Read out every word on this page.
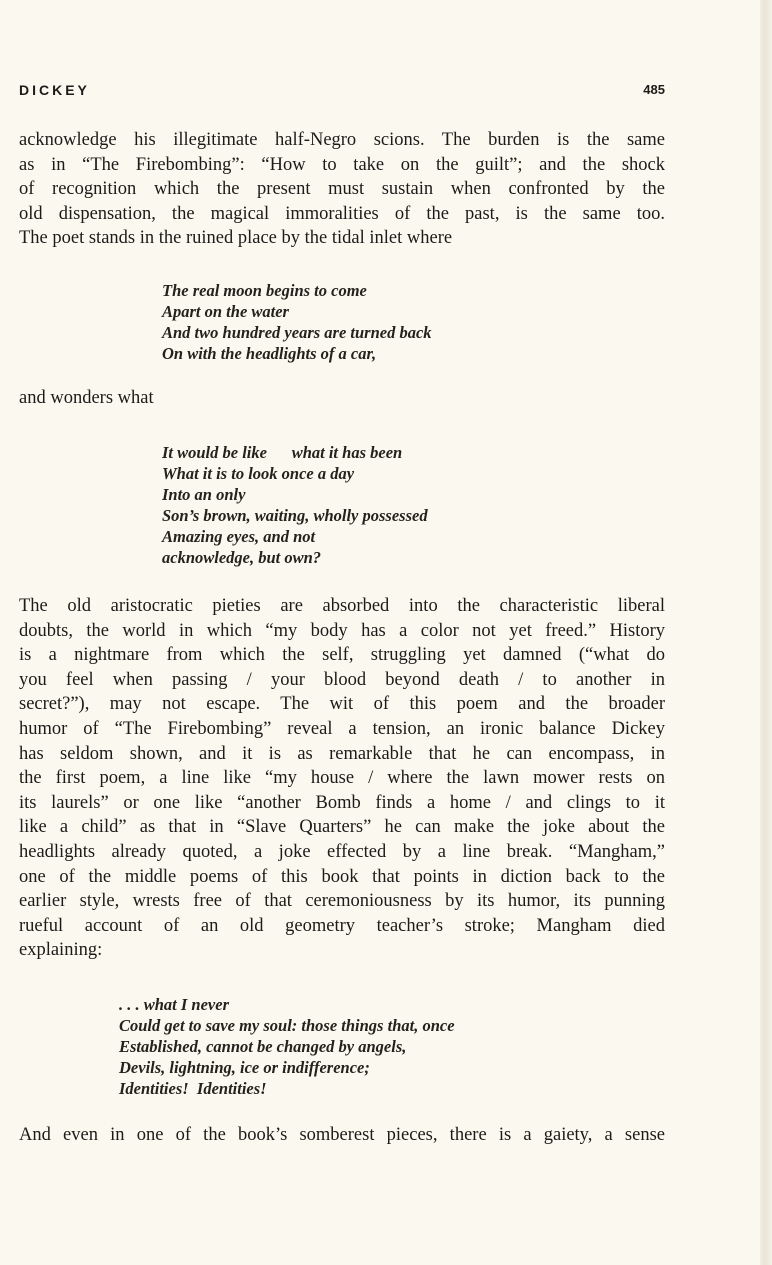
DICKEY	485
acknowledge his illegitimate half-Negro scions. The burden is the same
as in “The Firebombing”: “How to take on the guilt”; and the shock
of recognition which the present must sustain when confronted by the
old dispensation, the magical immoralities of the past, is the same too.
The poet stands in the ruined place by the tidal inlet where
The real moon begins to come
Apart on the water
And two hundred years are turned back
On with the headlights of a car,
and wonders what
It would be like      what it has been
What it is to look once a day
Into an only
Son’s brown, waiting, wholly possessed
Amazing eyes, and not
acknowledge, but own?
The old aristocratic pieties are absorbed into the characteristic liberal
doubts, the world in which “my body has a color not yet freed.” History
is a nightmare from which the self, struggling yet damned (“what do
you feel when passing / your blood beyond death / to another in
secret?”), may not escape. The wit of this poem and the broader
humor of “The Firebombing” reveal a tension, an ironic balance Dickey
has seldom shown, and it is as remarkable that he can encompass, in
the first poem, a line like “my house / where the lawn mower rests on
its laurels” or one like “another Bomb finds a home / and clings to it
like a child” as that in “Slave Quarters” he can make the joke about the
headlights already quoted, a joke effected by a line break. “Mangham,”
one of the middle poems of this book that points in diction back to the
earlier style, wrests free of that ceremoniousness by its humor, its punning
rueful account of an old geometry teacher’s stroke; Mangham died
explaining:
. . . what I never
Could get to save my soul: those things that, once
Established, cannot be changed by angels,
Devils, lightning, ice or indifference;
Identities!  Identities!
And even in one of the book’s somberest pieces, there is a gaiety, a sense
